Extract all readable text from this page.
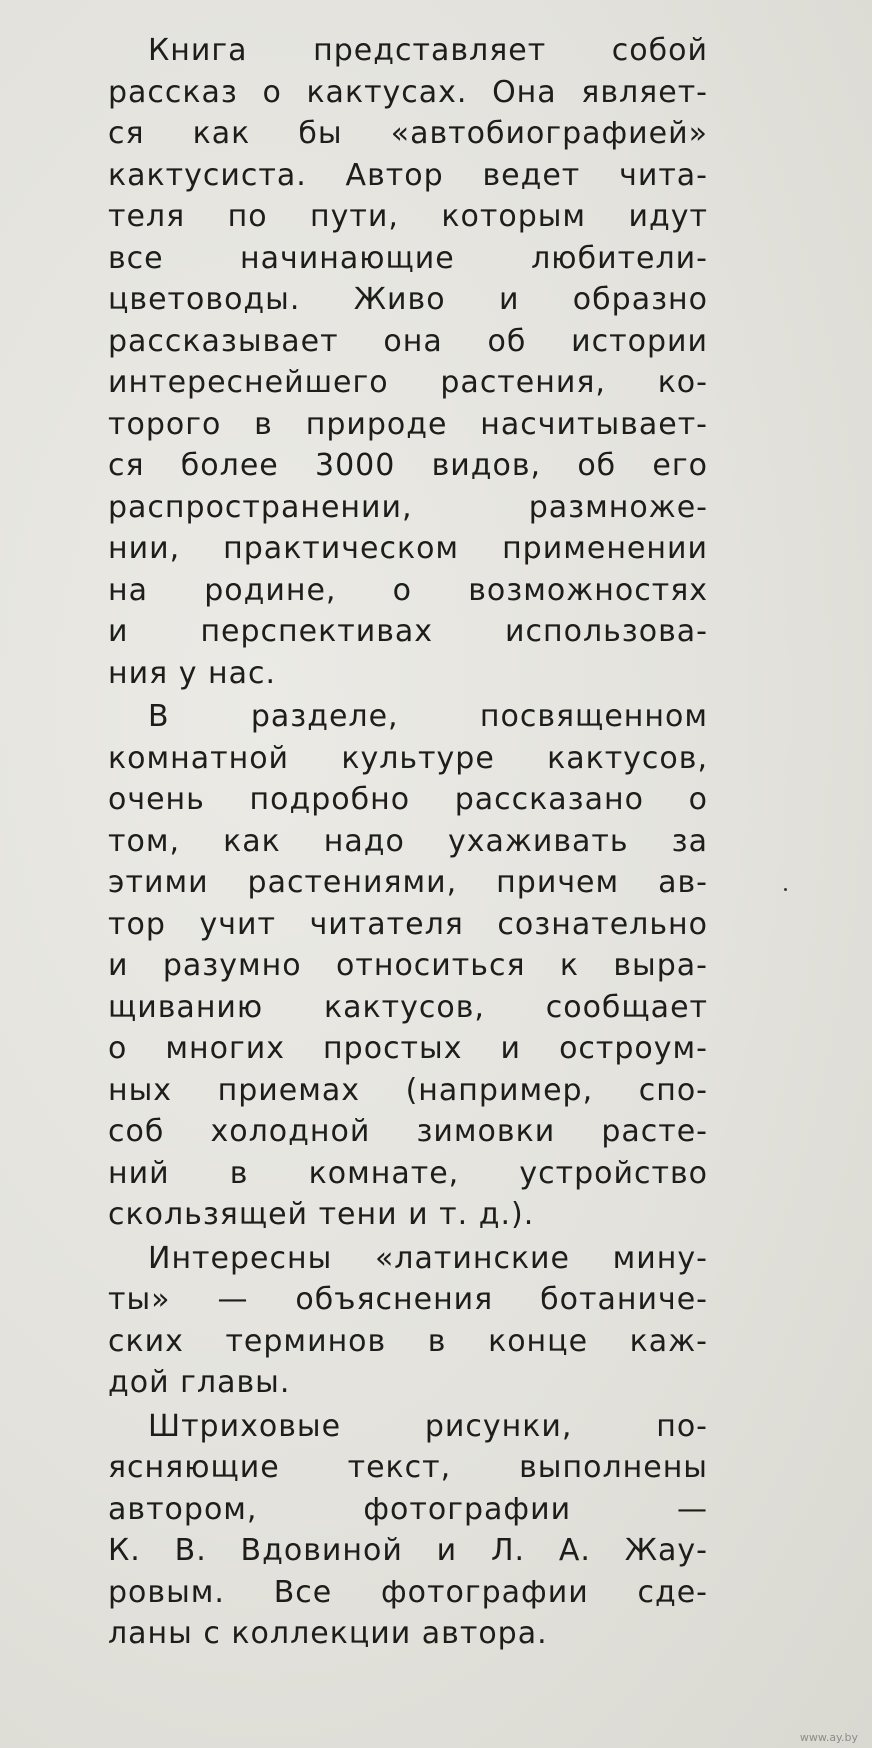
Книга представляет собой
рассказ о кактусах. Она являет-
ся как бы «автобиографией»
кактусиста. Автор ведет чита-
теля по пути, которым идут
все начинающие любители-
цветоводы. Живо и образно
рассказывает она об истории
интереснейшего растения, ко-
торого в природе насчитывает-
ся более 3000 видов, об его
распространении, размноже-
нии, практическом применении
на родине, о возможностях
и перспективах использова-
ния у нас.
В разделе, посвященном
комнатной культуре кактусов,
очень подробно рассказано о
том, как надо ухаживать за
этими растениями, причем ав-
тор учит читателя сознательно
и разумно относиться к выра-
щиванию кактусов, сообщает
о многих простых и остроум-
ных приемах (например, спо-
соб холодной зимовки расте-
ний в комнате, устройство
скользящей тени и т. д.).
Интересны «латинские мину-
ты» — объяснения ботаниче-
ских терминов в конце каж-
дой главы.
Штриховые рисунки, по-
ясняющие текст, выполнены
автором, фотографии —
К. В. Вдовиной и Л. А. Жау-
ровым. Все фотографии сде-
ланы с коллекции автора.
www.ay.by
